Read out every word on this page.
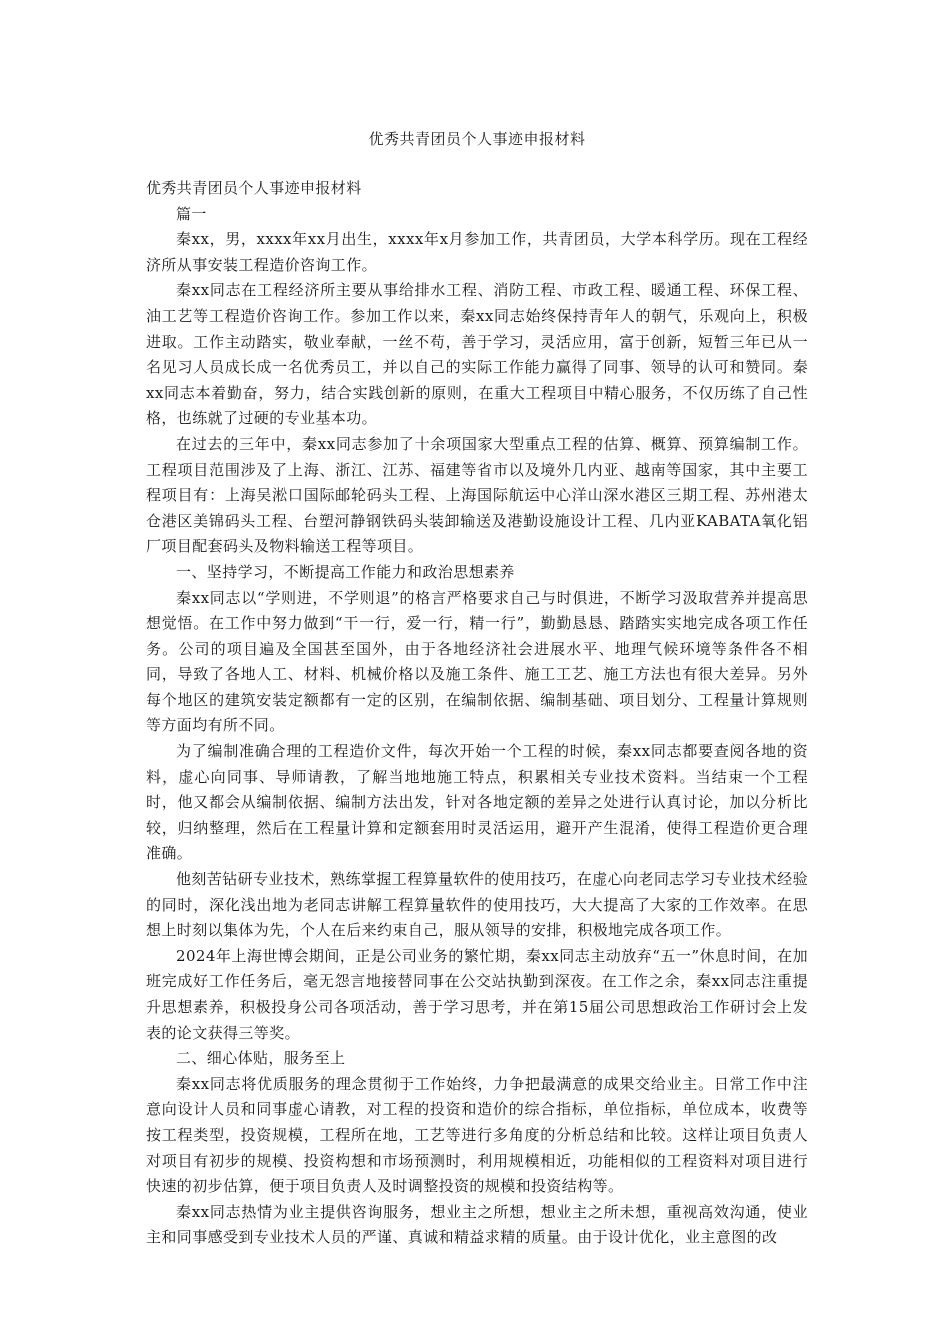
优秀共青团员个人事迹申报材料

优秀共青团员个人事迹申报材料

篇一

秦xx，男，xxxx年xx月出生，xxxx年x月参加工作，共青团员，大学本科学历。现在工程经济所从事安装工程造价咨询工作。

秦xx同志在工程经济所主要从事给排水工程、消防工程、市政工程、暖通工程、环保工程、油工艺等工程造价咨询工作。参加工作以来，秦xx同志始终保持青年人的朝气，乐观向上，积极进取。工作主动踏实，敬业奉献，一丝不苟，善于学习，灵活应用，富于创新，短暂三年已从一名见习人员成长成一名优秀员工，并以自己的实际工作能力赢得了同事、领导的认可和赞同。秦xx同志本着勤奋，努力，结合实践创新的原则，在重大工程项目中精心服务，不仅历练了自己性格，也练就了过硬的专业基本功。

在过去的三年中，秦xx同志参加了十余项国家大型重点工程的估算、概算、预算编制工作。工程项目范围涉及了上海、浙江、江苏、福建等省市以及境外几内亚、越南等国家，其中主要工程项目有：上海吴淞口国际邮轮码头工程、上海国际航运中心洋山深水港区三期工程、苏州港太仓港区美锦码头工程、台塑河静钢铁码头装卸输送及港勤设施设计工程、几内亚KABATA氧化铝厂项目配套码头及物料输送工程等项目。

一、坚持学习，不断提高工作能力和政治思想素养

秦xx同志以“学则进，不学则退”的格言严格要求自己与时俱进，不断学习汲取营养并提高思想觉悟。在工作中努力做到“干一行，爱一行，精一行”，勤勤恳恳、踏踏实实地完成各项工作任务。公司的项目遍及全国甚至国外，由于各地经济社会进展水平、地理气候环境等条件各不相同，导致了各地人工、材料、机械价格以及施工条件、施工工艺、施工方法也有很大差异。另外每个地区的建筑安装定额都有一定的区别，在编制依据、编制基础、项目划分、工程量计算规则等方面均有所不同。

为了编制准确合理的工程造价文件，每次开始一个工程的时候，秦xx同志都要查阅各地的资料，虚心向同事、导师请教，了解当地地施工特点，积累相关专业技术资料。当结束一个工程时，他又都会从编制依据、编制方法出发，针对各地定额的差异之处进行认真讨论，加以分析比较，归纳整理，然后在工程量计算和定额套用时灵活运用，避开产生混淆，使得工程造价更合理准确。

他刻苦钻研专业技术，熟练掌握工程算量软件的使用技巧，在虚心向老同志学习专业技术经验的同时，深化浅出地为老同志讲解工程算量软件的使用技巧，大大提高了大家的工作效率。在思想上时刻以集体为先，个人在后来约束自己，服从领导的安排，积极地完成各项工作。

2024年上海世博会期间，正是公司业务的繁忙期，秦xx同志主动放弃“五一”休息时间，在加班完成好工作任务后，毫无怨言地接替同事在公交站执勤到深夜。在工作之余，秦xx同志注重提升思想素养，积极投身公司各项活动，善于学习思考，并在第15届公司思想政治工作研讨会上发表的论文获得三等奖。

二、细心体贴，服务至上

秦xx同志将优质服务的理念贯彻于工作始终，力争把最满意的成果交给业主。日常工作中注意向设计人员和同事虚心请教，对工程的投资和造价的综合指标，单位指标，单位成本，收费等按工程类型，投资规模，工程所在地，工艺等进行多角度的分析总结和比较。这样让项目负责人对项目有初步的规模、投资构想和市场预测时，利用规模相近，功能相似的工程资料对项目进行快速的初步估算，便于项目负责人及时调整投资的规模和投资结构等。

秦xx同志热情为业主提供咨询服务，想业主之所想，想业主之所未想，重视高效沟通，使业主和同事感受到专业技术人员的严谨、真诚和精益求精的质量。由于设计优化，业主意图的改
